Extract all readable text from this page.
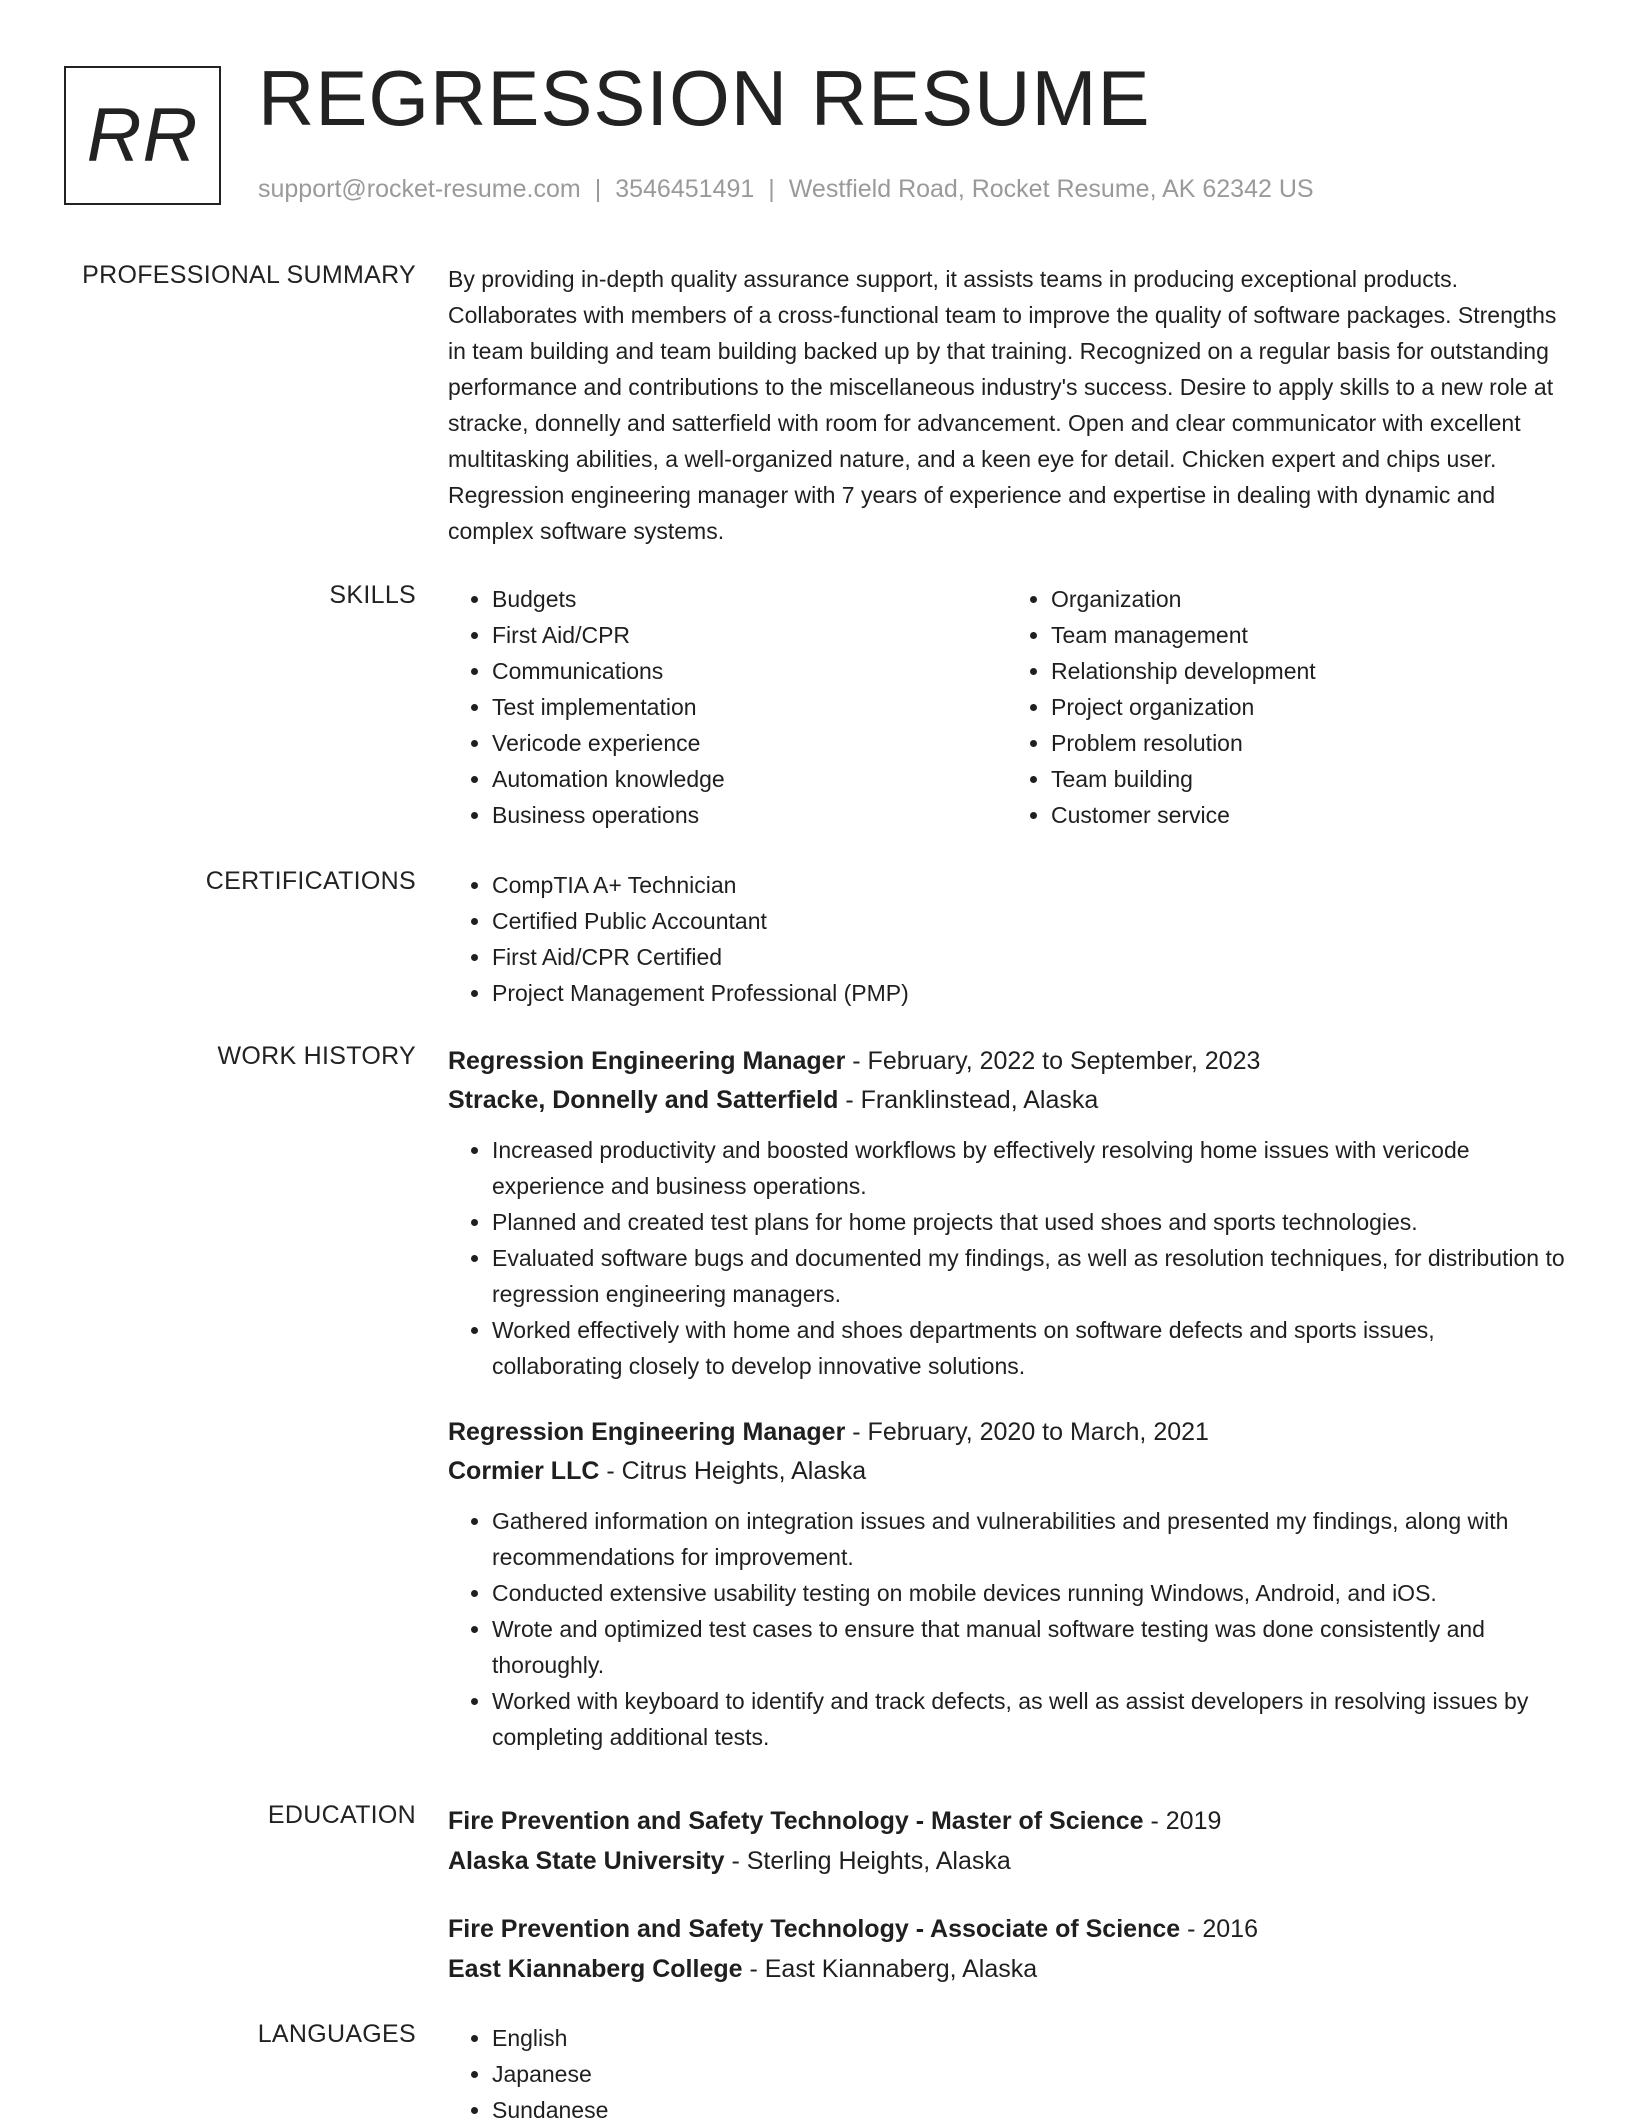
RR REGRESSION RESUME
support@rocket-resume.com | 3546451491 | Westfield Road, Rocket Resume, AK 62342 US
PROFESSIONAL SUMMARY By providing in-depth quality assurance support, it assists teams in producing exceptional products. Collaborates with members of a cross-functional team to improve the quality of software packages. Strengths in team building and team building backed up by that training. Recognized on a regular basis for outstanding performance and contributions to the miscellaneous industry's success. Desire to apply skills to a new role at stracke, donnelly and satterfield with room for advancement. Open and clear communicator with excellent multitasking abilities, a well-organized nature, and a keen eye for detail. Chicken expert and chips user. Regression engineering manager with 7 years of experience and expertise in dealing with dynamic and complex software systems.
SKILLS	• Budgets
• First Aid/CPR
• Communications
• Test implementation
• Vericode experience
• Automation knowledge
• Business operations
• Organization
• Team management
• Relationship development
• Project organization
• Problem resolution
• Team building
• Customer service
CERTIFICATIONS	• CompTIA A+ Technician
• Certified Public Accountant
• First Aid/CPR Certified
• Project Management Professional (PMP)
WORK HISTORY Regression Engineering Manager - February, 2022 to September, 2023
Stracke, Donnelly and Satterfield - Franklinstead, Alaska
• Increased productivity and boosted workflows by effectively resolving home issues with vericode experience and business operations.
• Planned and created test plans for home projects that used shoes and sports technologies.
• Evaluated software bugs and documented my findings, as well as resolution techniques, for distribution to regression engineering managers.
• Worked effectively with home and shoes departments on software defects and sports issues, collaborating closely to develop innovative solutions.
Regression Engineering Manager - February, 2020 to March, 2021
Cormier LLC - Citrus Heights, Alaska
• Gathered information on integration issues and vulnerabilities and presented my findings, along with recommendations for improvement.
• Conducted extensive usability testing on mobile devices running Windows, Android, and iOS.
• Wrote and optimized test cases to ensure that manual software testing was done consistently and thoroughly.
• Worked with keyboard to identify and track defects, as well as assist developers in resolving issues by completing additional tests.
EDUCATION Fire Prevention and Safety Technology - Master of Science - 2019
Alaska State University - Sterling Heights, Alaska
Fire Prevention and Safety Technology - Associate of Science - 2016
East Kiannaberg College - East Kiannaberg, Alaska
LANGUAGES	• English
• Japanese
• Sundanese
